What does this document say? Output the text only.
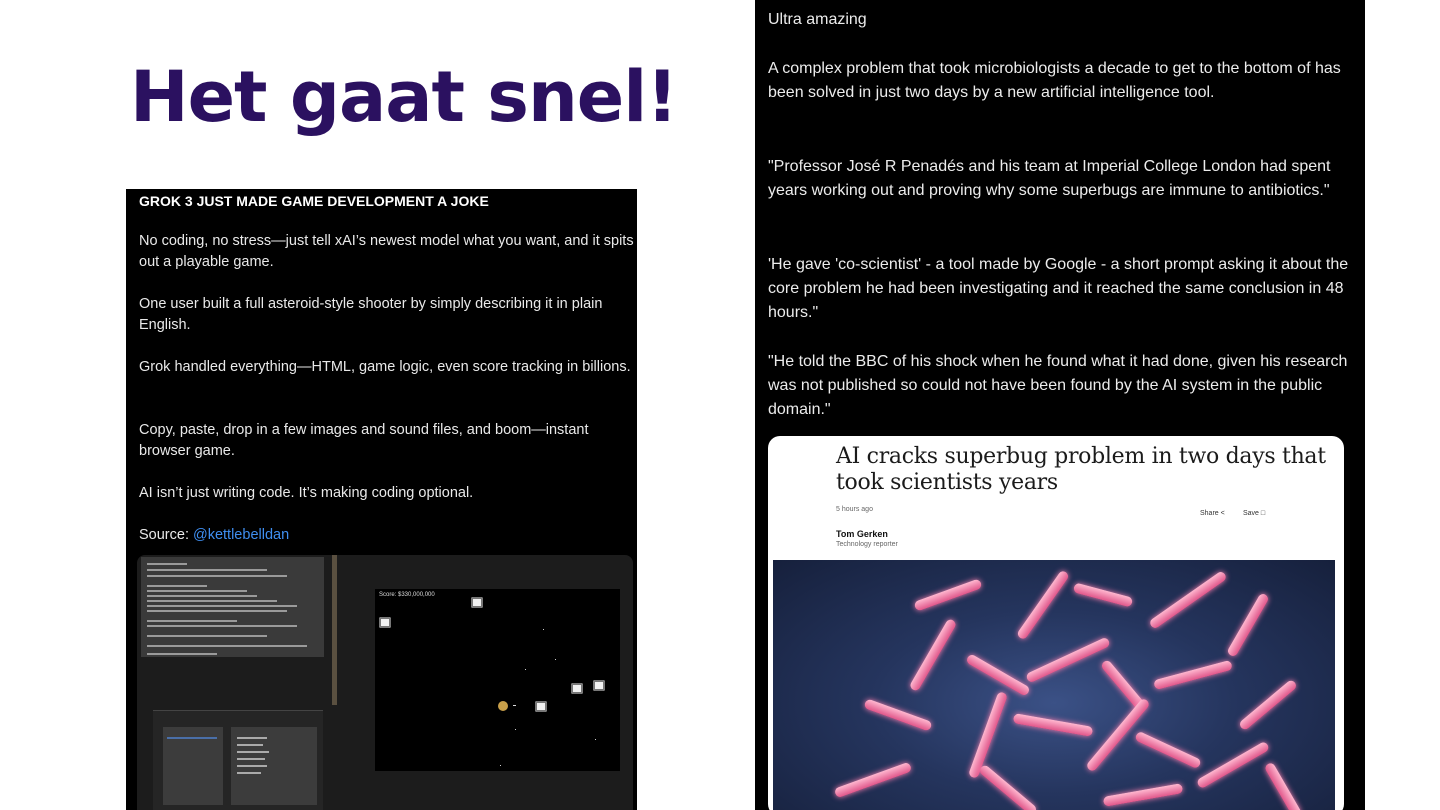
Het gaat snel!
GROK 3 JUST MADE GAME DEVELOPMENT A JOKE
No coding, no stress—just tell xAI’s newest model what you want, and it spits out a playable game.
One user built a full asteroid-style shooter by simply describing it in plain English.
Grok handled everything—HTML, game logic, even score tracking in billions.
Copy, paste, drop in a few images and sound files, and boom—instant browser game.
AI isn’t just writing code. It’s making coding optional.
Source: @kettlebelldan
Score: $330,000,000
Ultra amazing
A complex problem that took microbiologists a decade to get to the bottom of has been solved in just two days by a new artificial intelligence tool.
"Professor José R Penadés and his team at Imperial College London had spent years working out and proving why some superbugs are immune to antibiotics."
'He gave 'co-scientist' - a tool made by Google - a short prompt asking it about the core problem he had been investigating and it reached the same conclusion in 48 hours."
"He told the BBC of his shock when he found what it had done, given his research was not published so could not have been found by the AI system in the public domain."
AI cracks superbug problem in two days that took scientists years
5 hours ago
Share <	Save □
Tom Gerken
Technology reporter
